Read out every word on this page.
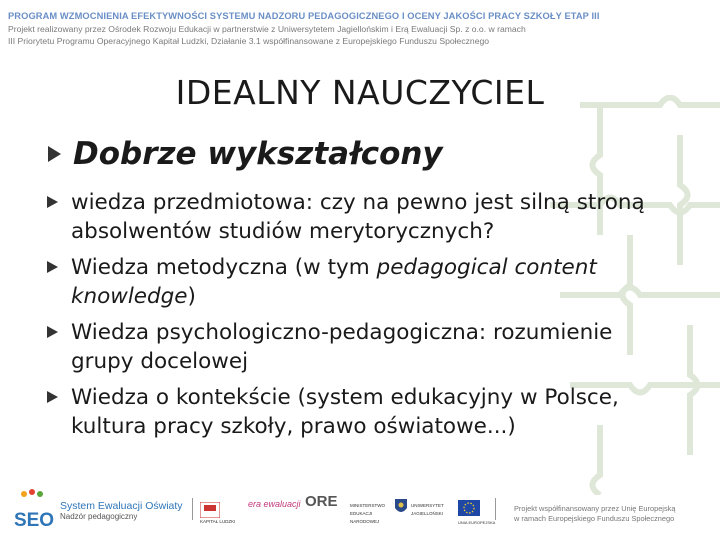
PROGRAM WZMOCNIENIA EFEKTYWNOŚCI SYSTEMU NADZORU PEDAGOGICZNEGO I OCENY JAKOŚCI PRACY SZKOŁY ETAP III
Projekt realizowany przez Ośrodek Rozwoju Edukacji w partnerstwie z Uniwersytetem Jagiellońskim i Erą Ewaluacji Sp. z o.o. w ramach
III Priorytetu Programu Operacyjnego Kapitał Ludzki, Działanie 3.1 współfinansowane z Europejskiego Funduszu Społecznego
IDEALNY NAUCZYCIEL
Dobrze wykształcony
wiedza przedmiotowa: czy na pewno jest silną stroną absolwentów studiów merytorycznych?
Wiedza metodyczna (w tym pedagogical content knowledge)
Wiedza psychologiczno-pedagogiczna: rozumienie grupy docelowej
Wiedza o kontekście (system edukacyjny w Polsce, kultura pracy szkoły, prawo oświatowe...)
SEO
System Ewaluacji Oświaty
Nadzór pedagogiczny
KAPITAŁ LUDZKI
era ewaluacji ORE	MINISTERSTWO EDUKACJI NARODOWEJ
UNIWERSYTET JAGIELLOŃSKI
UNIA EUROPEJSKA
Projekt współfinansowany przez Unię Europejską
w ramach Europejskiego Funduszu Społecznego
